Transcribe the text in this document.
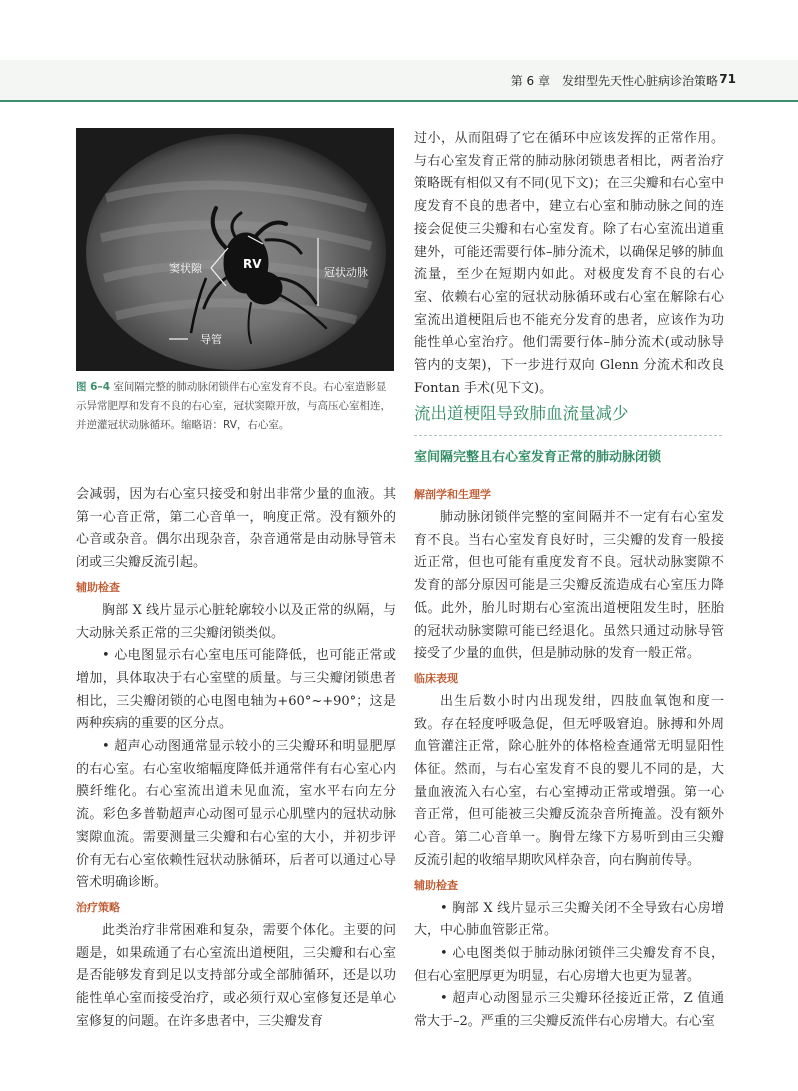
第 6 章　发绀型先天性心脏病诊治策略 71
窦状隙	RV
冠状动脉
导管
图 6–4 室间隔完整的肺动脉闭锁伴右心室发育不良。右心室造影显示异常肥厚和发育不良的右心室，冠状窦隙开放，与高压心室相连，并逆灌冠状动脉循环。缩略语：RV，右心室。

会减弱，因为右心室只接受和射出非常少量的血液。其第一心音正常，第二心音单一，响度正常。没有额外的心音或杂音。偶尔出现杂音，杂音通常是由动脉导管未闭或三尖瓣反流引起。

辅助检查

胸部 X 线片显示心脏轮廓较小以及正常的纵隔，与大动脉关系正常的三尖瓣闭锁类似。

• 心电图显示右心室电压可能降低，也可能正常或增加，具体取决于右心室壁的质量。与三尖瓣闭锁患者相比，三尖瓣闭锁的心电图电轴为+60°~+90°；这是两种疾病的重要的区分点。

• 超声心动图通常显示较小的三尖瓣环和明显肥厚的右心室。右心室收缩幅度降低并通常伴有右心室心内膜纤维化。右心室流出道未见血流，室水平右向左分流。彩色多普勒超声心动图可显示心肌壁内的冠状动脉窦隙血流。需要测量三尖瓣和右心室的大小，并初步评价有无右心室依赖性冠状动脉循环，后者可以通过心导管术明确诊断。

治疗策略

此类治疗非常困难和复杂，需要个体化。主要的问题是，如果疏通了右心室流出道梗阻，三尖瓣和右心室是否能够发育到足以支持部分或全部肺循环，还是以功能性单心室而接受治疗，或必须行双心室修复还是单心室修复的问题。在许多患者中，三尖瓣发育

过小，从而阻碍了它在循环中应该发挥的正常作用。与右心室发育正常的肺动脉闭锁患者相比，两者治疗策略既有相似又有不同(见下文)；在三尖瓣和右心室中度发育不良的患者中，建立右心室和肺动脉之间的连接会促使三尖瓣和右心室发育。除了右心室流出道重建外，可能还需要行体–肺分流术，以确保足够的肺血流量，至少在短期内如此。对极度发育不良的右心室、依赖右心室的冠状动脉循环或右心室在解除右心室流出道梗阻后也不能充分发育的患者，应该作为功能性单心室治疗。他们需要行体–肺分流术(或动脉导管内的支架)，下一步进行双向 Glenn 分流术和改良 Fontan 手术(见下文)。

流出道梗阻导致肺血流量减少
室间隔完整且右心室发育正常的肺动脉闭锁
解剖学和生理学

肺动脉闭锁伴完整的室间隔并不一定有右心室发育不良。当右心室发育良好时，三尖瓣的发育一般接近正常，但也可能有重度发育不良。冠状动脉窦隙不发育的部分原因可能是三尖瓣反流造成右心室压力降低。此外，胎儿时期右心室流出道梗阻发生时，胚胎的冠状动脉窦隙可能已经退化。虽然只通过动脉导管接受了少量的血供，但是肺动脉的发育一般正常。

临床表现

出生后数小时内出现发绀，四肢血氧饱和度一致。存在轻度呼吸急促，但无呼吸窘迫。脉搏和外周血管灌注正常，除心脏外的体格检查通常无明显阳性体征。然而，与右心室发育不良的婴儿不同的是，大量血液流入右心室，右心室搏动正常或增强。第一心音正常，但可能被三尖瓣反流杂音所掩盖。没有额外心音。第二心音单一。胸骨左缘下方易听到由三尖瓣反流引起的收缩早期吹风样杂音，向右胸前传导。

辅助检查

• 胸部 X 线片显示三尖瓣关闭不全导致右心房增大，中心肺血管影正常。

• 心电图类似于肺动脉闭锁伴三尖瓣发育不良，但右心室肥厚更为明显，右心房增大也更为显著。

• 超声心动图显示三尖瓣环径接近正常，Z 值通常大于–2。严重的三尖瓣反流伴右心房增大。右心室
